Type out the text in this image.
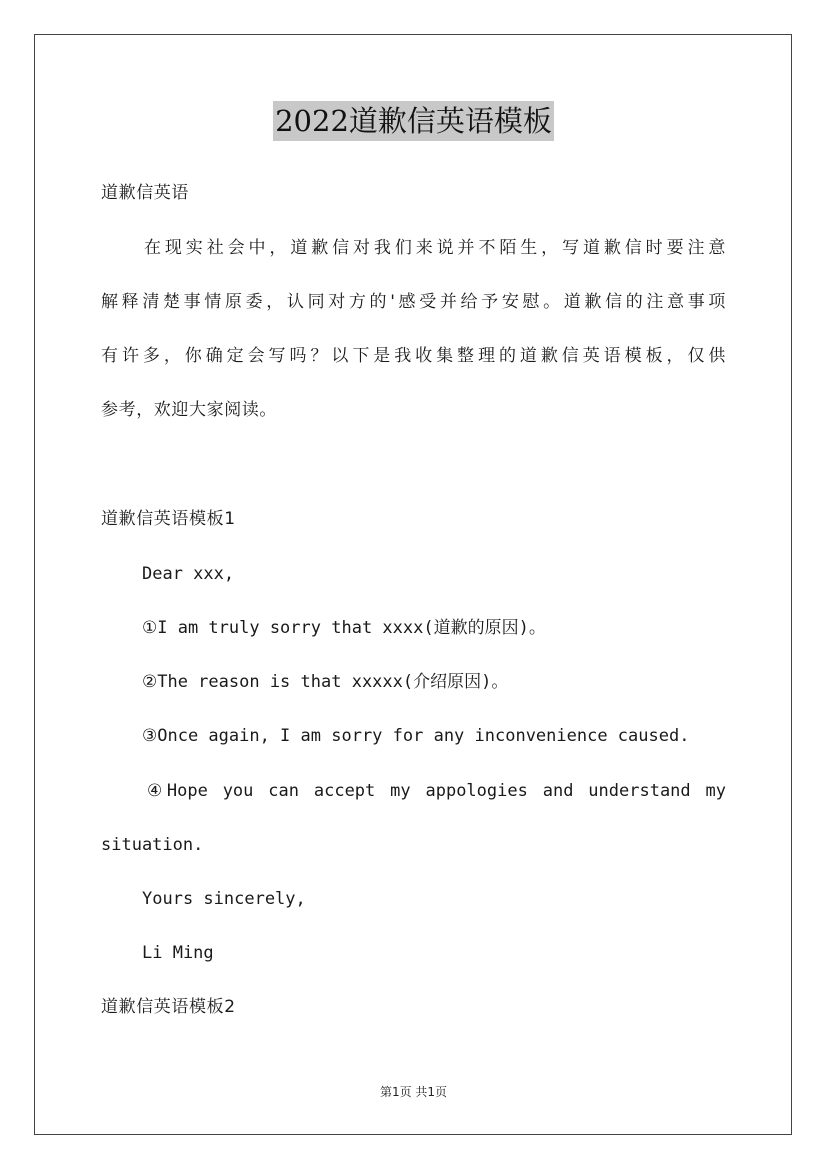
2022道歉信英语模板
道歉信英语
在现实社会中，道歉信对我们来说并不陌生，写道歉信时要注意
解释清楚事情原委，认同对方的'感受并给予安慰。道歉信的注意事项
有许多，你确定会写吗？以下是我收集整理的道歉信英语模板，仅供
参考，欢迎大家阅读。
道歉信英语模板1
Dear xxx,
①I am truly sorry that xxxx(道歉的原因)。
②The reason is that xxxxx(介绍原因)。
③Once again, I am sorry for any inconvenience caused.
④Hope you can accept my appologies and understand my
situation.
Yours sincerely,
Li Ming
道歉信英语模板2
第1页 共1页
